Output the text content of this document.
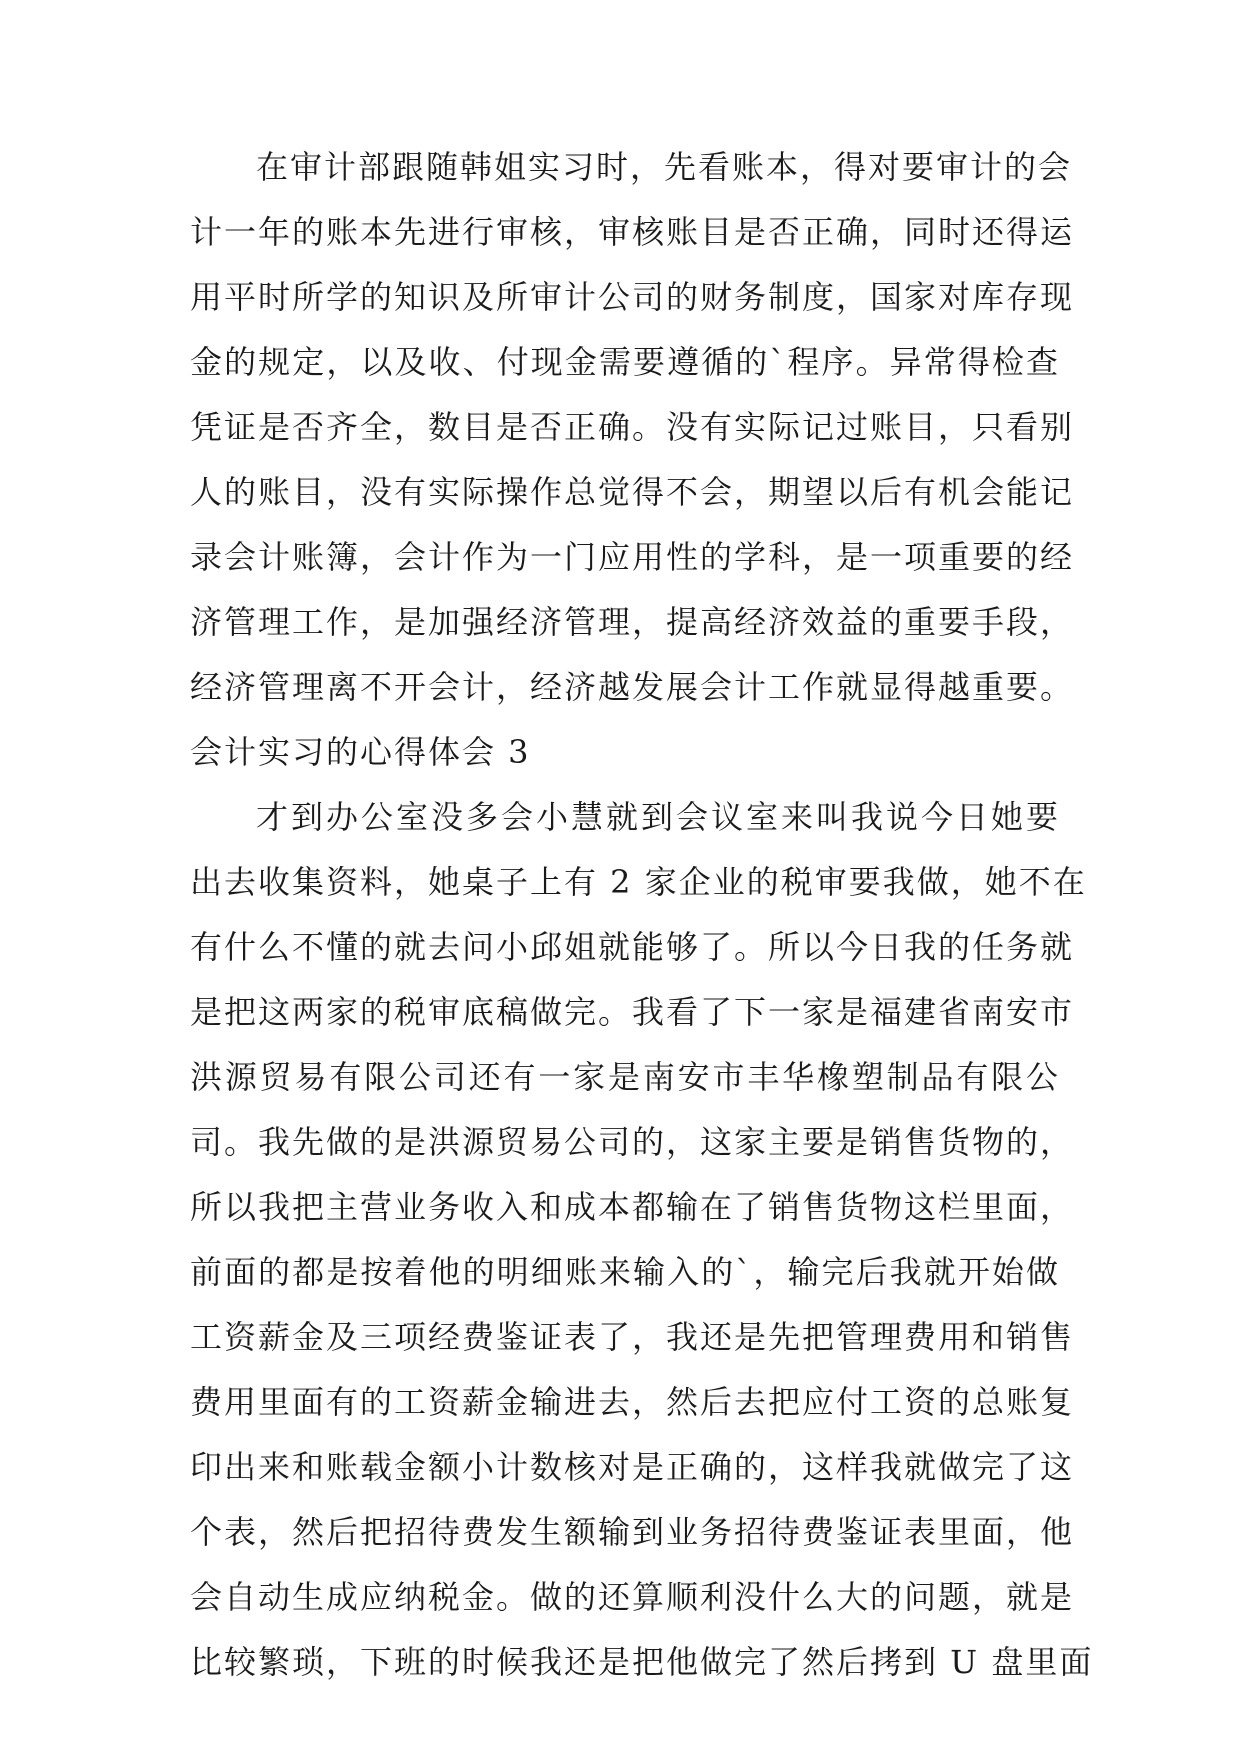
在审计部跟随韩姐实习时，先看账本，得对要审计的会
计一年的账本先进行审核，审核账目是否正确，同时还得运
用平时所学的知识及所审计公司的财务制度，国家对库存现
金的规定，以及收、付现金需要遵循的`程序。异常得检查
凭证是否齐全，数目是否正确。没有实际记过账目，只看别
人的账目，没有实际操作总觉得不会，期望以后有机会能记
录会计账簿，会计作为一门应用性的学科，是一项重要的经
济管理工作，是加强经济管理，提高经济效益的重要手段，
经济管理离不开会计，经济越发展会计工作就显得越重要。
会计实习的心得体会 3
才到办公室没多会小慧就到会议室来叫我说今日她要
出去收集资料，她桌子上有 2 家企业的税审要我做，她不在
有什么不懂的就去问小邱姐就能够了。所以今日我的任务就
是把这两家的税审底稿做完。我看了下一家是福建省南安市
洪源贸易有限公司还有一家是南安市丰华橡塑制品有限公
司。我先做的是洪源贸易公司的，这家主要是销售货物的，
所以我把主营业务收入和成本都输在了销售货物这栏里面，
前面的都是按着他的明细账来输入的`，输完后我就开始做
工资薪金及三项经费鉴证表了，我还是先把管理费用和销售
费用里面有的工资薪金输进去，然后去把应付工资的总账复
印出来和账载金额小计数核对是正确的，这样我就做完了这
个表，然后把招待费发生额输到业务招待费鉴证表里面，他
会自动生成应纳税金。做的还算顺利没什么大的问题，就是
比较繁琐，下班的时候我还是把他做完了然后拷到 U 盘里面
